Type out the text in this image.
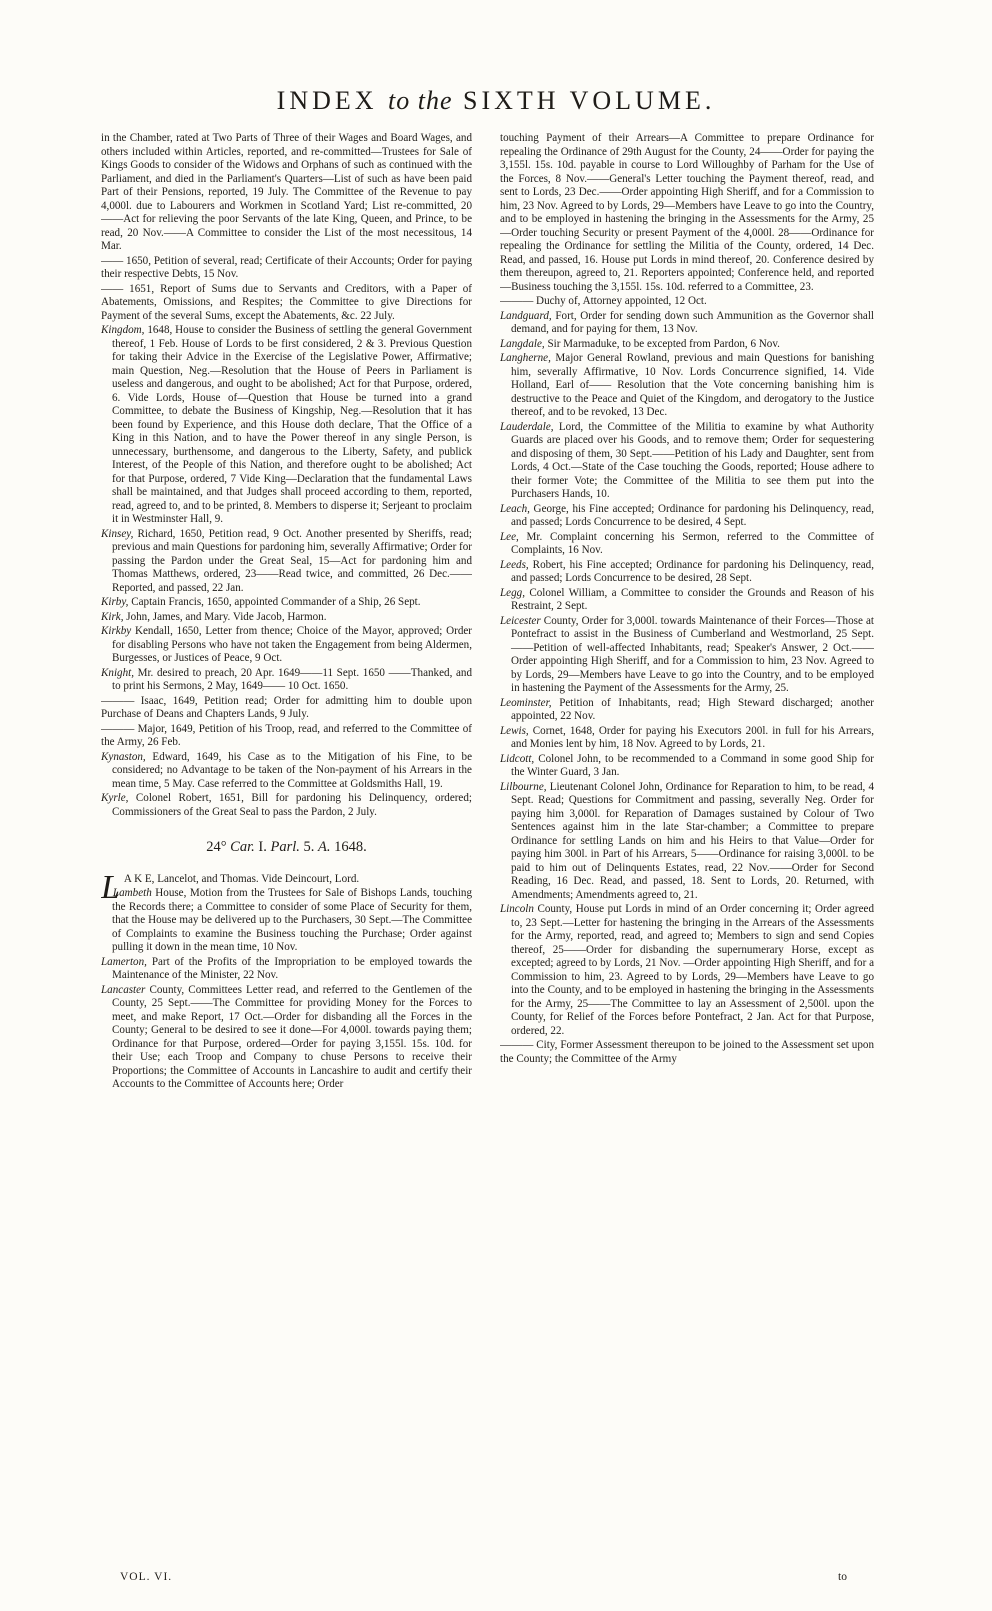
INDEX to the SIXTH VOLUME.

in the Chamber, rated at Two Parts of Three of their Wages and Board Wages, and others included within Articles, reported, and re-committed—Trustees for Sale of Kings Goods to consider of the Widows and Orphans of such as continued with the Parliament, and died in the Parliament's Quarters—List of such as have been paid Part of their Pensions, reported, 19 July. The Committee of the Revenue to pay 4,000l. due to Labourers and Workmen in Scotland Yard; List re-committed, 20——Act for relieving the poor Servants of the late King, Queen, and Prince, to be read, 20 Nov.——A Committee to consider the List of the most necessitous, 14 Mar.

—— 1650, Petition of several, read; Certificate of their Accounts; Order for paying their respective Debts, 15 Nov.

—— 1651, Report of Sums due to Servants and Creditors, with a Paper of Abatements, Omissions, and Respites; the Committee to give Directions for Payment of the several Sums, except the Abatements, &c. 22 July.

Kingdom, 1648, House to consider the Business of settling the general Government thereof, 1 Feb. House of Lords to be first considered, 2 & 3. Previous Question for taking their Advice in the Exercise of the Legislative Power, Affirmative; main Question, Neg.—Resolution that the House of Peers in Parliament is useless and dangerous, and ought to be abolished; Act for that Purpose, ordered, 6. Vide Lords, House of—Question that House be turned into a grand Committee, to debate the Business of Kingship, Neg.—Resolution that it has been found by Experience, and this House doth declare, That the Office of a King in this Nation, and to have the Power thereof in any single Person, is unnecessary, burthensome, and dangerous to the Liberty, Safety, and publick Interest, of the People of this Nation, and therefore ought to be abolished; Act for that Purpose, ordered, 7 Vide King—Declaration that the fundamental Laws shall be maintained, and that Judges shall proceed according to them, reported, read, agreed to, and to be printed, 8. Members to disperse it; Serjeant to proclaim it in Westminster Hall, 9.

Kinsey, Richard, 1650, Petition read, 9 Oct. Another presented by Sheriffs, read; previous and main Questions for pardoning him, severally Affirmative; Order for passing the Pardon under the Great Seal, 15—Act for pardoning him and Thomas Matthews, ordered, 23——Read twice, and committed, 26 Dec.——Reported, and passed, 22 Jan.

Kirby, Captain Francis, 1650, appointed Commander of a Ship, 26 Sept.

Kirk, John, James, and Mary. Vide Jacob, Harmon.

Kirkby Kendall, 1650, Letter from thence; Choice of the Mayor, approved; Order for disabling Persons who have not taken the Engagement from being Aldermen, Burgesses, or Justices of Peace, 9 Oct.

Knight, Mr. desired to preach, 20 Apr. 1649——11 Sept. 1650 ——Thanked, and to print his Sermons, 2 May, 1649—— 10 Oct. 1650.

——— Isaac, 1649, Petition read; Order for admitting him to double upon Purchase of Deans and Chapters Lands, 9 July.

——— Major, 1649, Petition of his Troop, read, and referred to the Committee of the Army, 26 Feb.

Kynaston, Edward, 1649, his Case as to the Mitigation of his Fine, to be considered; no Advantage to be taken of the Non-payment of his Arrears in the mean time, 5 May. Case referred to the Committee at Goldsmiths Hall, 19.

Kyrle, Colonel Robert, 1651, Bill for pardoning his Delinquency, ordered; Commissioners of the Great Seal to pass the Pardon, 2 July.

24° Car. I. Parl. 5. A. 1648.

L A K E, Lancelot, and Thomas. Vide Deincourt, Lord.

Lambeth House, Motion from the Trustees for Sale of Bishops Lands, touching the Records there; a Committee to consider of some Place of Security for them, that the House may be delivered up to the Purchasers, 30 Sept.—The Committee of Complaints to examine the Business touching the Purchase; Order against pulling it down in the mean time, 10 Nov.

Lamerton, Part of the Profits of the Impropriation to be employed towards the Maintenance of the Minister, 22 Nov.

Lancaster County, Committees Letter read, and referred to the Gentlemen of the County, 25 Sept.——The Committee for providing Money for the Forces to meet, and make Report, 17 Oct.—Order for disbanding all the Forces in the County; General to be desired to see it done—For 4,000l. towards paying them; Ordinance for that Purpose, ordered—Order for paying 3,155l. 15s. 10d. for their Use; each Troop and Company to chuse Persons to receive their Proportions; the Committee of Accounts in Lancashire to audit and certify their Accounts to the Committee of Accounts here; Order

touching Payment of their Arrears—A Committee to prepare Ordinance for repealing the Ordinance of 29th August for the County, 24——Order for paying the 3,155l. 15s. 10d. payable in course to Lord Willoughby of Parham for the Use of the Forces, 8 Nov.——General's Letter touching the Payment thereof, read, and sent to Lords, 23 Dec.——Order appointing High Sheriff, and for a Commission to him, 23 Nov. Agreed to by Lords, 29—Members have Leave to go into the Country, and to be employed in hastening the bringing in the Assessments for the Army, 25—Order touching Security or present Payment of the 4,000l. 28——Ordinance for repealing the Ordinance for settling the Militia of the County, ordered, 14 Dec. Read, and passed, 16. House put Lords in mind thereof, 20. Conference desired by them thereupon, agreed to, 21. Reporters appointed; Conference held, and reported—Business touching the 3,155l. 15s. 10d. referred to a Committee, 23.

——— Duchy of, Attorney appointed, 12 Oct.

Landguard, Fort, Order for sending down such Ammunition as the Governor shall demand, and for paying for them, 13 Nov.

Langdale, Sir Marmaduke, to be excepted from Pardon, 6 Nov.

Langherne, Major General Rowland, previous and main Questions for banishing him, severally Affirmative, 10 Nov. Lords Concurrence signified, 14. Vide Holland, Earl of—— Resolution that the Vote concerning banishing him is destructive to the Peace and Quiet of the Kingdom, and derogatory to the Justice thereof, and to be revoked, 13 Dec.

Lauderdale, Lord, the Committee of the Militia to examine by what Authority Guards are placed over his Goods, and to remove them; Order for sequestering and disposing of them, 30 Sept.——Petition of his Lady and Daughter, sent from Lords, 4 Oct.—State of the Case touching the Goods, reported; House adhere to their former Vote; the Committee of the Militia to see them put into the Purchasers Hands, 10.

Leach, George, his Fine accepted; Ordinance for pardoning his Delinquency, read, and passed; Lords Concurrence to be desired, 4 Sept.

Lee, Mr. Complaint concerning his Sermon, referred to the Committee of Complaints, 16 Nov.

Leeds, Robert, his Fine accepted; Ordinance for pardoning his Delinquency, read, and passed; Lords Concurrence to be desired, 28 Sept.

Legg, Colonel William, a Committee to consider the Grounds and Reason of his Restraint, 2 Sept.

Leicester County, Order for 3,000l. towards Maintenance of their Forces—Those at Pontefract to assist in the Business of Cumberland and Westmorland, 25 Sept.——Petition of well-affected Inhabitants, read; Speaker's Answer, 2 Oct.——Order appointing High Sheriff, and for a Commission to him, 23 Nov. Agreed to by Lords, 29—Members have Leave to go into the Country, and to be employed in hastening the Payment of the Assessments for the Army, 25.

Leominster, Petition of Inhabitants, read; High Steward discharged; another appointed, 22 Nov.

Lewis, Cornet, 1648, Order for paying his Executors 200l. in full for his Arrears, and Monies lent by him, 18 Nov. Agreed to by Lords, 21.

Lidcott, Colonel John, to be recommended to a Command in some good Ship for the Winter Guard, 3 Jan.

Lilbourne, Lieutenant Colonel John, Ordinance for Reparation to him, to be read, 4 Sept. Read; Questions for Commitment and passing, severally Neg. Order for paying him 3,000l. for Reparation of Damages sustained by Colour of Two Sentences against him in the late Star-chamber; a Committee to prepare Ordinance for settling Lands on him and his Heirs to that Value—Order for paying him 300l. in Part of his Arrears, 5——Ordinance for raising 3,000l. to be paid to him out of Delinquents Estates, read, 22 Nov.——Order for Second Reading, 16 Dec. Read, and passed, 18. Sent to Lords, 20. Returned, with Amendments; Amendments agreed to, 21.

Lincoln County, House put Lords in mind of an Order concerning it; Order agreed to, 23 Sept.—Letter for hastening the bringing in the Arrears of the Assessments for the Army, reported, read, and agreed to; Members to sign and send Copies thereof, 25——Order for disbanding the supernumerary Horse, except as excepted; agreed to by Lords, 21 Nov. —Order appointing High Sheriff, and for a Commission to him, 23. Agreed to by Lords, 29—Members have Leave to go into the County, and to be employed in hastening the bringing in the Assessments for the Army, 25——The Committee to lay an Assessment of 2,500l. upon the County, for Relief of the Forces before Pontefract, 2 Jan. Act for that Purpose, ordered, 22.

——— City, Former Assessment thereupon to be joined to the Assessment set upon the County; the Committee of the Army

VOL. VI.	to
